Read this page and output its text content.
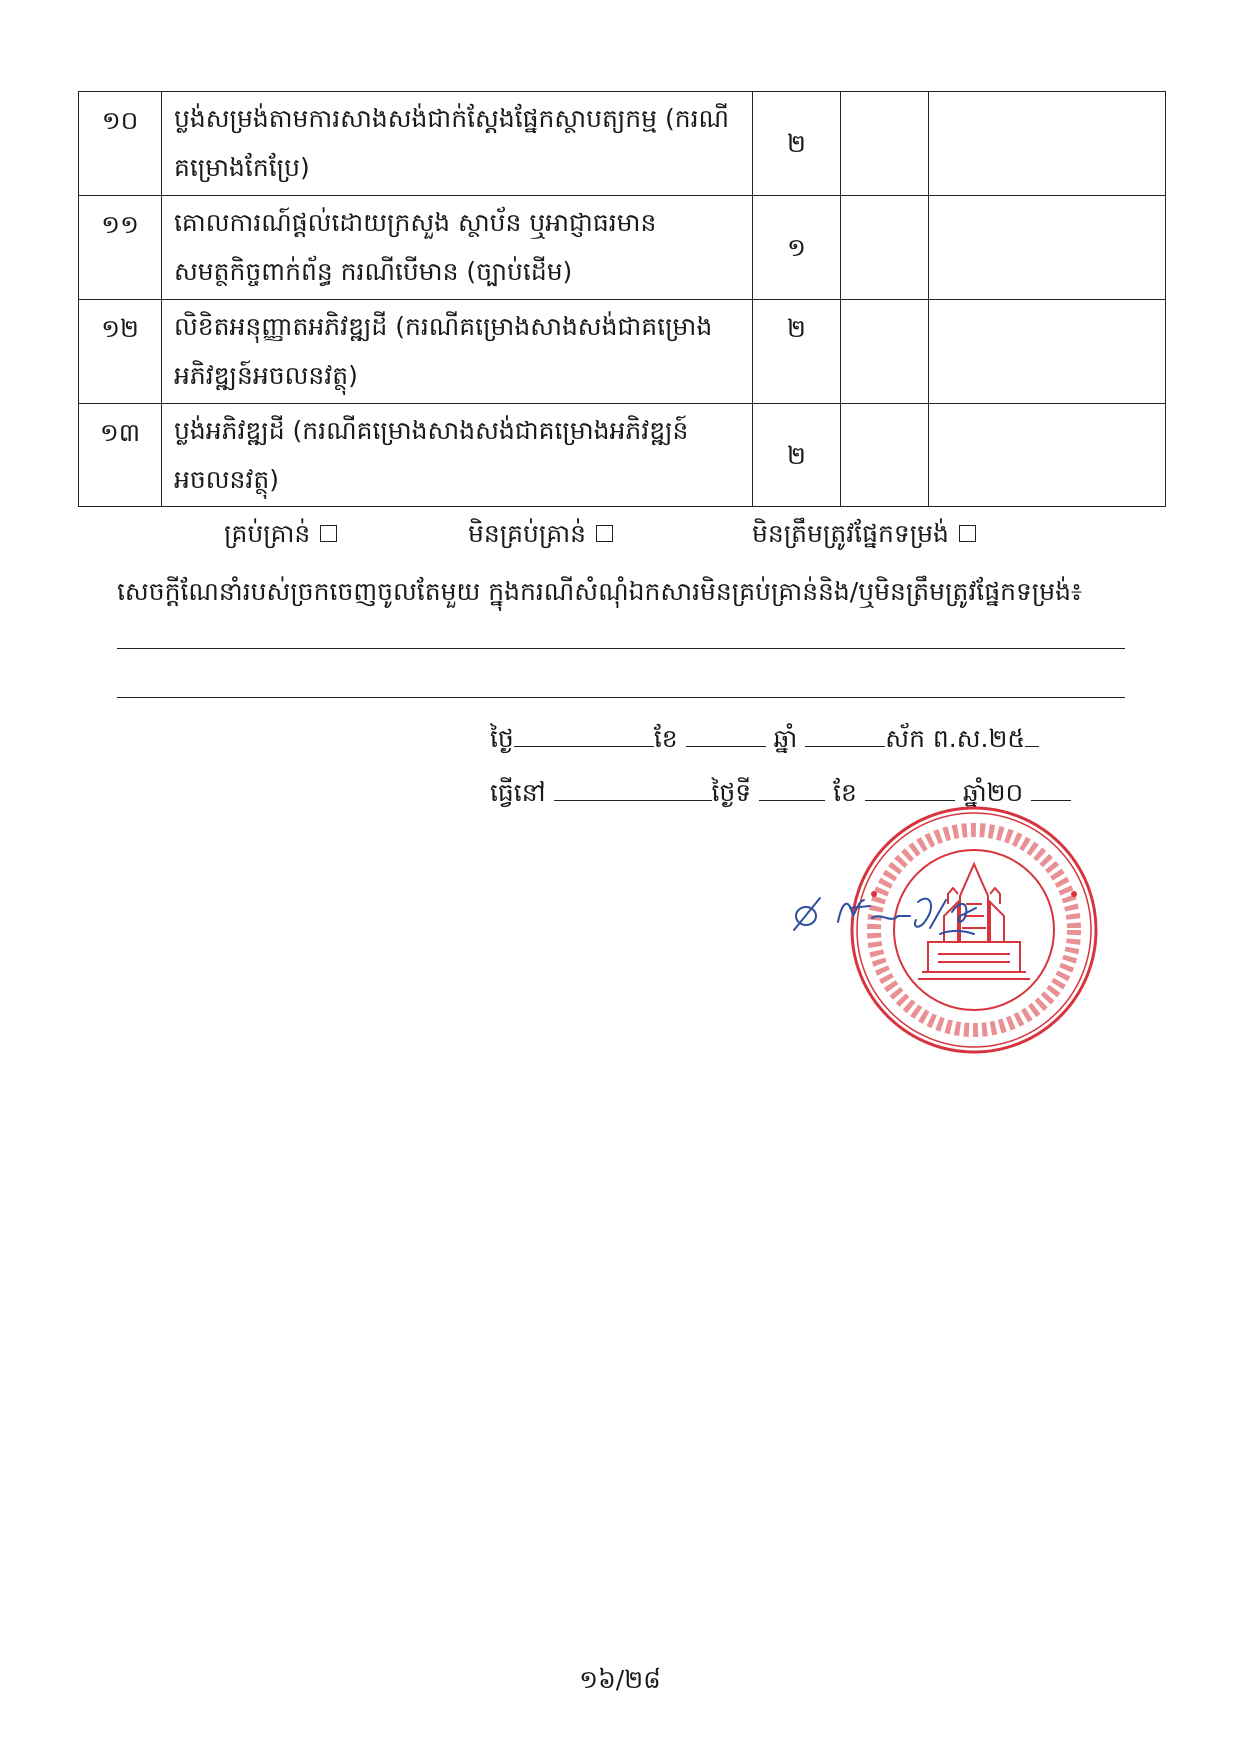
១០	ប្លង់សម្រង់តាមការសាងសង់ជាក់ស្តែងផ្នែកស្ថាបត្យកម្ម (ករណីគម្រោងកែប្រែ)	២		
១១	គោលការណ៍ផ្តល់ដោយក្រសួង ស្ថាប័ន ឬអាជ្ញាធរមានសមត្ថកិច្ចពាក់ព័ន្ធ ករណីបើមាន (ច្បាប់ដើម)	១		
១២	លិខិតអនុញ្ញាតអភិវឌ្ឍដី (ករណីគម្រោងសាងសង់ជាគម្រោងអភិវឌ្ឍន៍អចលនវត្ថុ)	២		
១៣	ប្លង់អភិវឌ្ឍដី (ករណីគម្រោងសាងសង់ជាគម្រោងអភិវឌ្ឍន៍អចលនវត្ថុ)	២		
គ្រប់គ្រាន់	មិនគ្រប់គ្រាន់	មិនត្រឹមត្រូវផ្នែកទម្រង់
សេចក្តីណែនាំរបស់ច្រកចេញចូលតែមួយ ក្នុងករណីសំណុំឯកសារមិនគ្រប់គ្រាន់និង/ឬមិនត្រឹមត្រូវផ្នែកទម្រង់៖
ថ្ងៃ	ខែ	ឆ្នាំ	ស័ក ព.ស.២៥
ធ្វើនៅ	ថ្ងៃទី	ខែ	ឆ្នាំ២០
១៦/២៨
